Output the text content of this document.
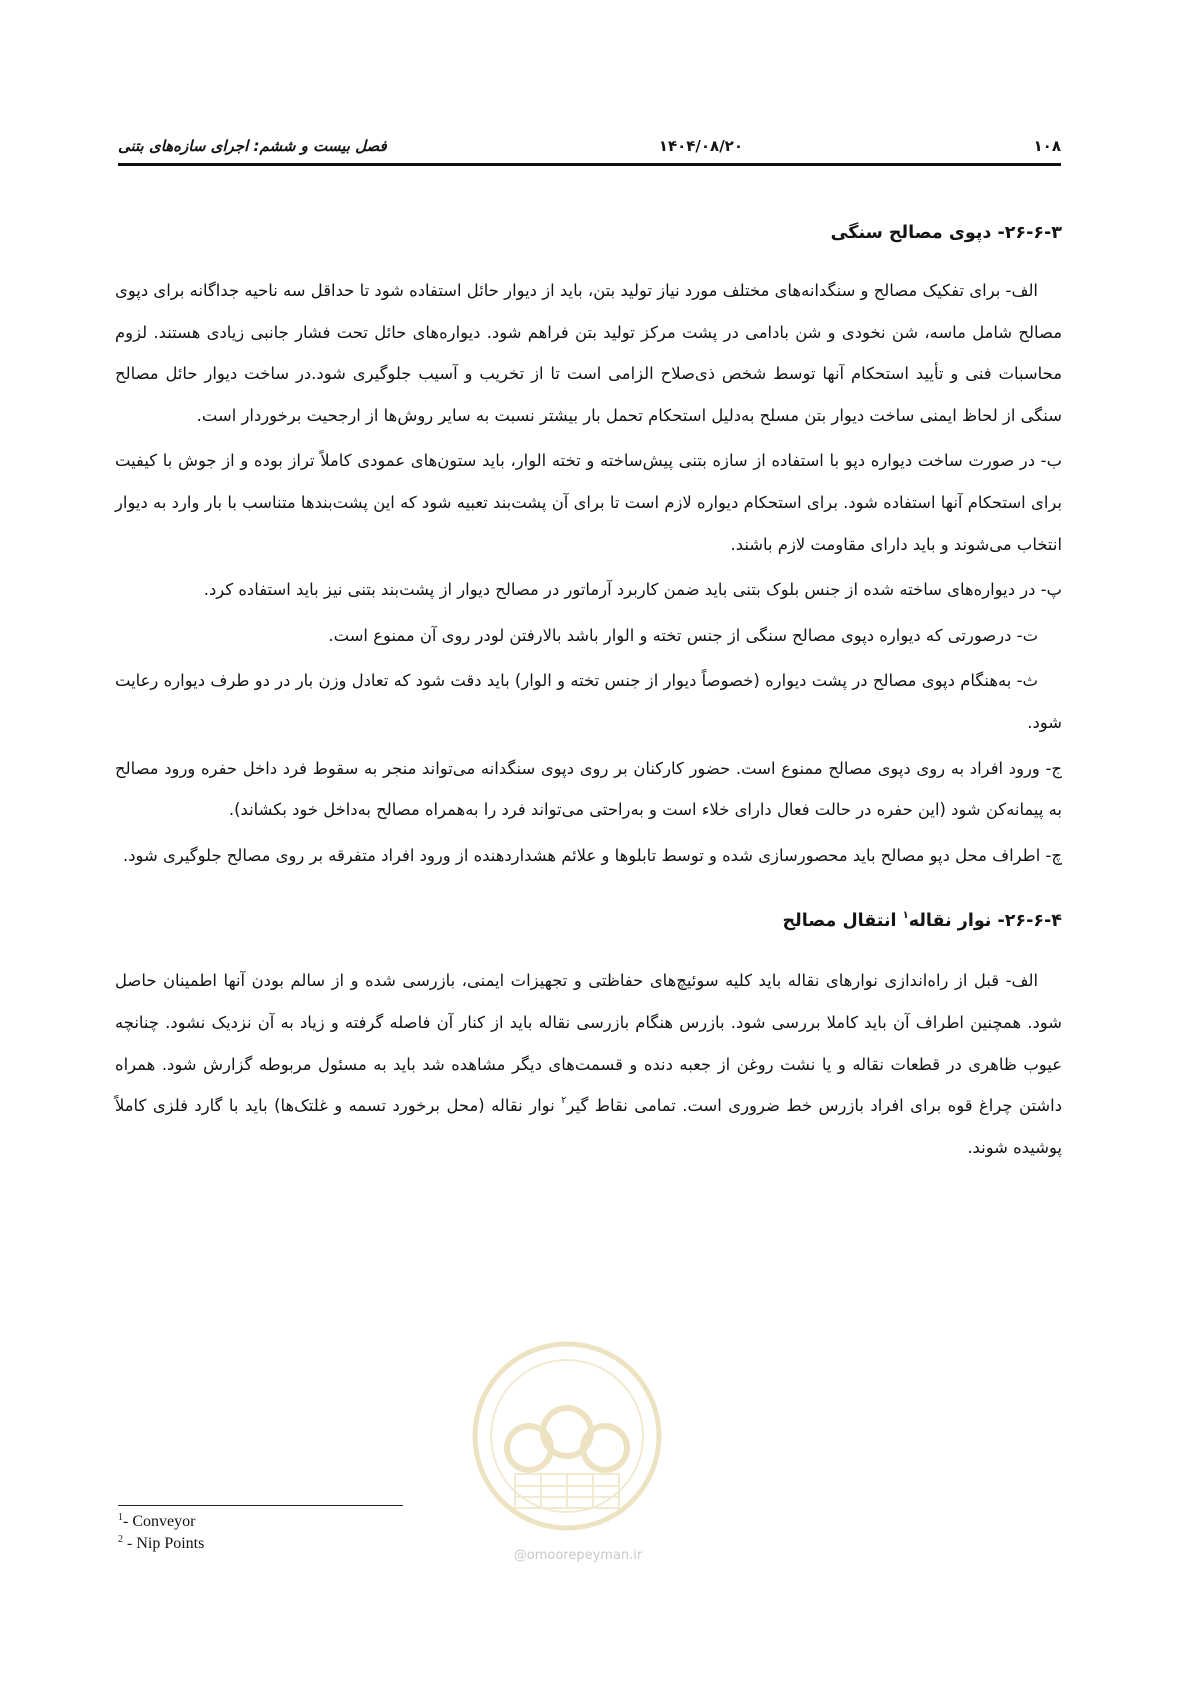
۱۰۸
۱۴۰۴/۰۸/۲۰
فصل بیست و ششم: اجرای سازه‌های بتنی
۲۶-۶-۳- دپوی مصالح سنگی

الف- برای تفکیک مصالح و سنگدانه‌های مختلف مورد نیاز تولید بتن، باید از دیوار حائل استفاده شود تا حداقل سه ناحیه جداگانه برای دپوی مصالح شامل ماسه، شن نخودی و شن بادامی در پشت مرکز تولید بتن فراهم شود. دیواره‌های حائل تحت فشار جانبی زیادی هستند. لزوم محاسبات فنی و تأیید استحکام آنها توسط شخص ذی‌صلاح الزامی است تا از تخریب و آسیب جلوگیری شود.در ساخت دیوار حائل مصالح سنگی از لحاظ ایمنی ساخت دیوار بتن مسلح به‌دلیل استحکام تحمل بار بیشتر نسبت به سایر روش‌ها از ارجحیت برخوردار است.

ب- در صورت ساخت دیواره دپو با استفاده از سازه بتنی پیش‌ساخته و تخته الوار، باید ستون‌های عمودی کاملاً تراز بوده و از جوش با کیفیت برای استحکام آنها استفاده شود. برای استحکام دیواره لازم است تا برای آن پشت‌بند تعبیه شود که این پشت‌بندها متناسب با بار وارد به دیوار انتخاب می‌شوند و باید دارای مقاومت لازم باشند.

پ- در دیواره‌های ساخته شده از جنس بلوک بتنی باید ضمن کاربرد آرماتور در مصالح دیوار از پشت‌بند بتنی نیز باید استفاده کرد.

ت- درصورتی که دیواره دپوی مصالح سنگی از جنس تخته و الوار باشد بالارفتن لودر روی آن ممنوع است.

ث- به‌هنگام دپوی مصالح در پشت دیواره (خصوصاً دیوار از جنس تخته و الوار) باید دقت شود که تعادل وزن بار در دو طرف دیواره رعایت شود.

ج- ورود افراد به روی دپوی مصالح ممنوع است. حضور کارکنان بر روی دپوی سنگدانه می‌تواند منجر به سقوط فرد داخل حفره ورود مصالح به پیمانه‌کن شود (این حفره در حالت فعال دارای خلاء است و به‌راحتی می‌تواند فرد را به‌همراه مصالح به‌داخل خود بکشاند).

چ- اطراف محل دپو مصالح باید محصورسازی شده و توسط تابلوها و علائم هشداردهنده از ورود افراد متفرقه بر روی مصالح جلوگیری شود.

۲۶-۶-۴- نوار نقاله$^۱$ انتقال مصالح

الف- قبل از راه‌اندازی نوارهای نقاله باید کلیه سوئیچ‌های حفاظتی و تجهیزات ایمنی، بازرسی شده و از سالم بودن آنها اطمینان حاصل شود. همچنین اطراف آن باید کاملا بررسی شود. بازرس هنگام بازرسی نقاله باید از کنار آن فاصله گرفته و زیاد به آن نزدیک نشود. چنانچه عیوب ظاهری در قطعات نقاله و یا نشت روغن از جعبه دنده و قسمت‌های دیگر مشاهده شد باید به مسئول مربوطه گزارش شود. همراه داشتن چراغ قوه برای افراد بازرس خط ضروری است. تمامی نقاط گیر$^۲$ نوار نقاله (محل برخورد تسمه و غلتک‌ها) باید با گارد فلزی کاملاً پوشیده شوند.

@omoorepeyman.ir
$^1$- Conveyor
$^2$ - Nip Points
